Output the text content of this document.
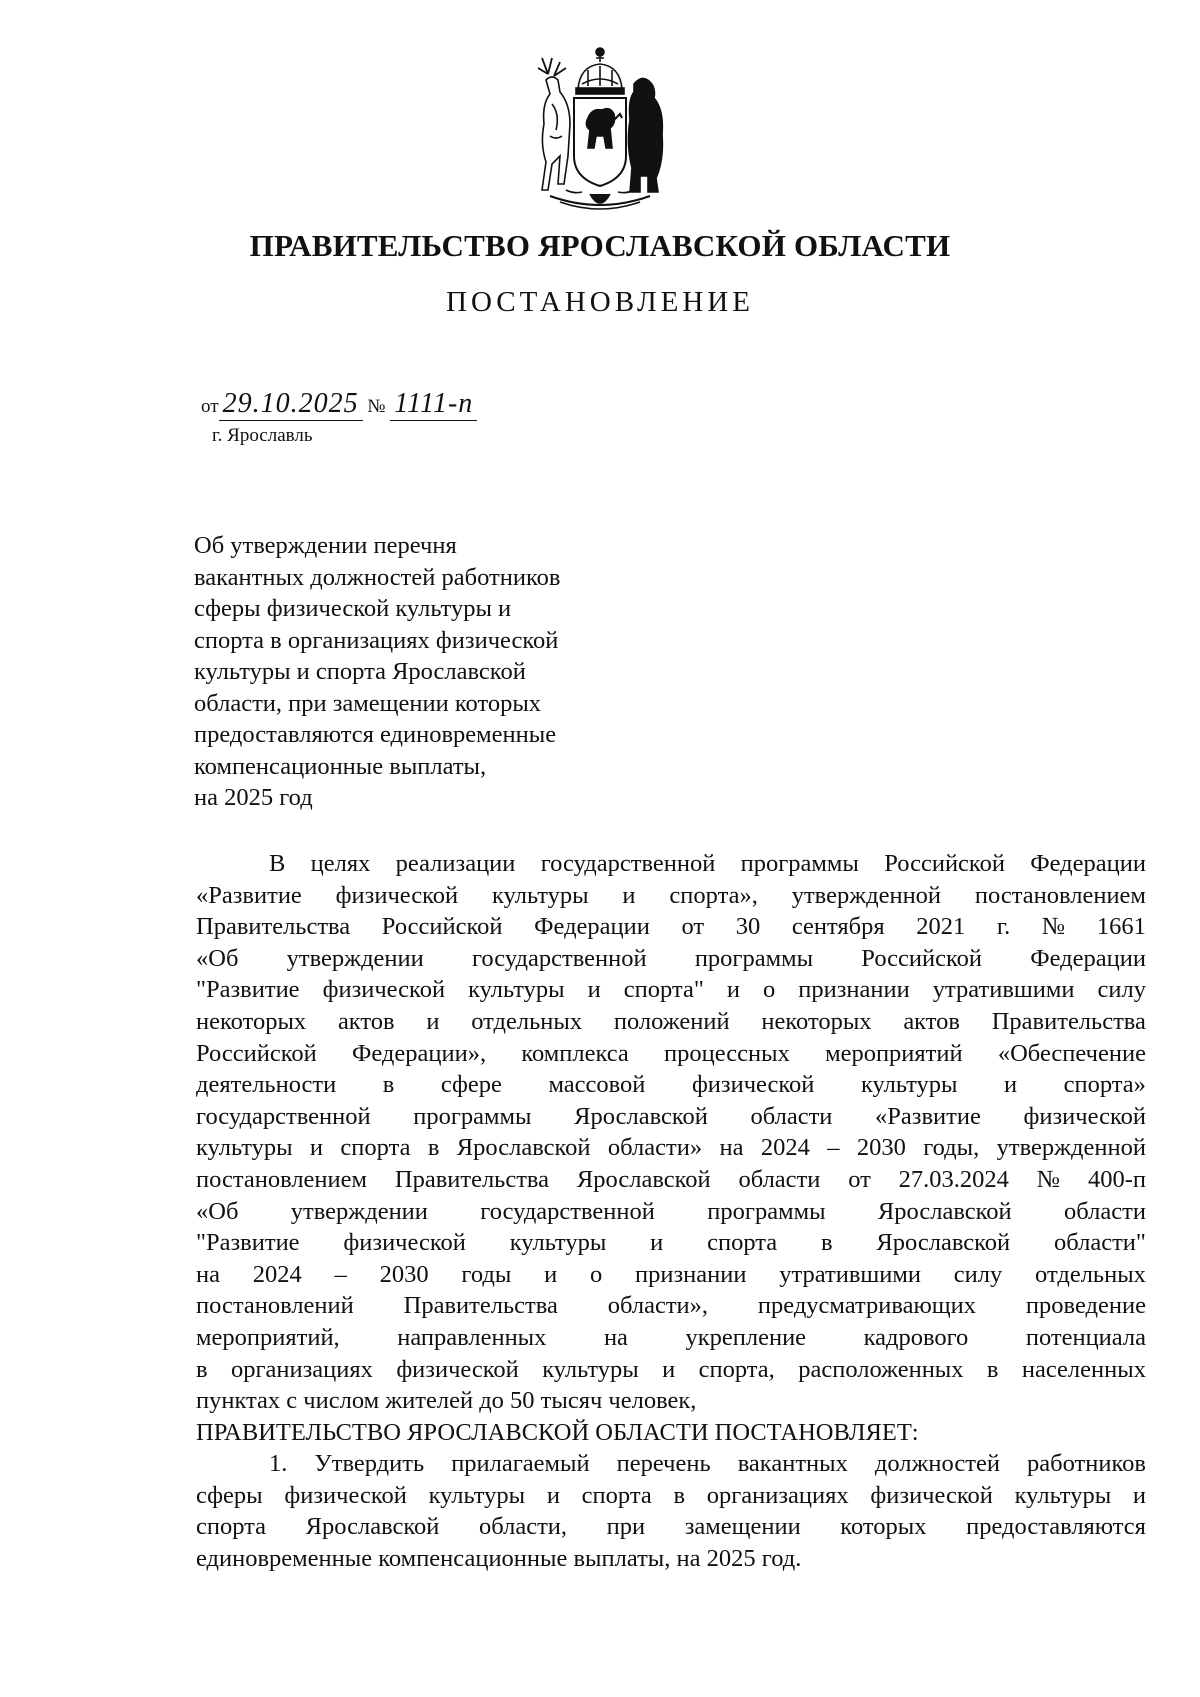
ПРАВИТЕЛЬСТВО ЯРОСЛАВСКОЙ ОБЛАСТИ
ПОСТАНОВЛЕНИЕ
от 29.10.2025 № 1111-п
г. Ярославль
Об утверждении перечня
вакантных должностей работников
сферы физической культуры и
спорта в организациях физической
культуры и спорта Ярославской
области, при замещении которых
предоставляются единовременные
компенсационные выплаты,
на 2025 год
В целях реализации государственной программы Российской Федерации
«Развитие физической культуры и спорта», утвержденной постановлением
Правительства Российской Федерации от 30 сентября 2021 г. № 1661
«Об утверждении государственной программы Российской Федерации
"Развитие физической культуры и спорта" и о признании утратившими силу
некоторых актов и отдельных положений некоторых актов Правительства
Российской Федерации», комплекса процессных мероприятий «Обеспечение
деятельности в сфере массовой физической культуры и спорта»
государственной программы Ярославской области «Развитие физической
культуры и спорта в Ярославской области» на 2024 – 2030 годы, утвержденной
постановлением Правительства Ярославской области от 27.03.2024 № 400-п
«Об утверждении государственной программы Ярославской области
"Развитие физической культуры и спорта в Ярославской области"
на 2024 – 2030 годы и о признании утратившими силу отдельных
постановлений Правительства области», предусматривающих проведение
мероприятий, направленных на укрепление кадрового потенциала
в организациях физической культуры и спорта, расположенных в населенных
пунктах с числом жителей до 50 тысяч человек,
ПРАВИТЕЛЬСТВО ЯРОСЛАВСКОЙ ОБЛАСТИ ПОСТАНОВЛЯЕТ:
1. Утвердить прилагаемый перечень вакантных должностей работников
сферы физической культуры и спорта в организациях физической культуры и
спорта Ярославской области, при замещении которых предоставляются
единовременные компенсационные выплаты, на 2025 год.
